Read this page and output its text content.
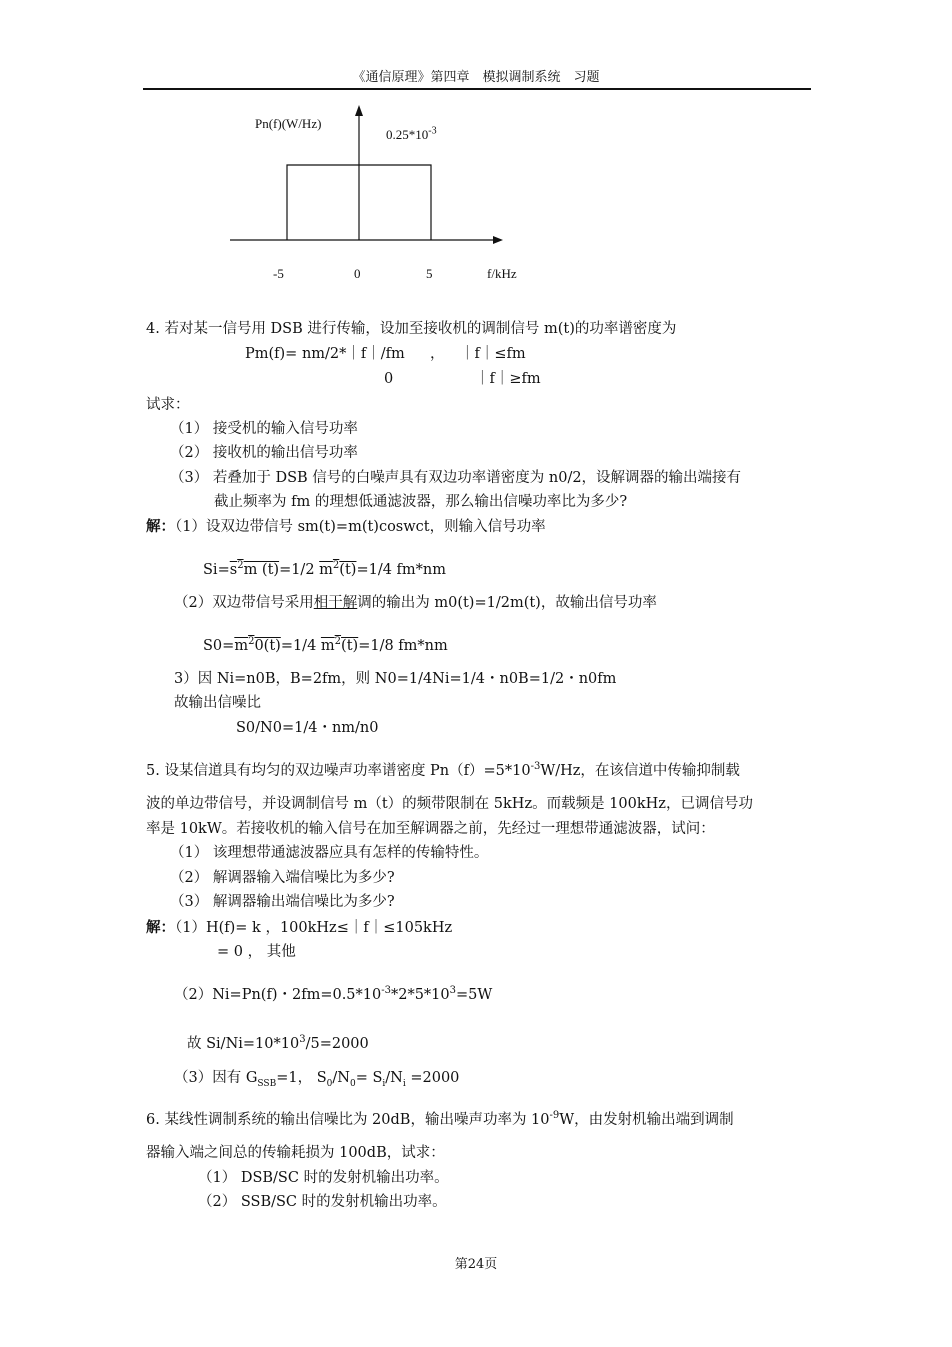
《通信原理》第四章　模拟调制系统　习题
Pn(f)(W/Hz)
$0.25*10^{-3}$
-5	0	5	f/kHz
4. 若对某一信号用 DSB 进行传输，设加至接收机的调制信号 m(t)的功率谱密度为
Pm(f)= nm/2*｜f｜/fm ， ｜f｜≤fm
0	｜f｜≥fm
试求：
（1） 接受机的输入信号功率
（2） 接收机的输出信号功率
（3） 若叠加于 DSB 信号的白噪声具有双边功率谱密度为 n0/2，设解调器的输出端接有
截止频率为 fm 的理想低通滤波器，那么输出信噪功率比为多少?
解：（1）设双边带信号 sm(t)=m(t)coswct，则输入信号功率
$Si=s^2m$ (t)=1/2 $m^2(t)=1/4$ fm*nm
（2）双边带信号采用相干解调的输出为 m0(t)=1/2m(t)，故输出信号功率
$S0=m^20(t)=1/4$ $m^2(t)=1/8$ fm*nm
3）因 Ni=n0B，B=2fm，则 N0=1/4Ni=1/4・n0B=1/2・n0fm
故输出信噪比
S0/N0=1/4・nm/n0
5. 设某信道具有均匀的双边噪声功率谱密度 $Pn(f)=5*10^{-3}W/Hz$，在该信道中传输抑制载
波的单边带信号，并设调制信号 m（t）的频带限制在 5kHz。而载频是 100kHz，已调信号功
率是 10kW。若接收机的输入信号在加至解调器之前，先经过一理想带通滤波器，试问：
（1） 该理想带通滤波器应具有怎样的传输特性。
（2） 解调器输入端信噪比为多少?
（3） 解调器输出端信噪比为多少?
解：（1）H(f)= k ，100kHz≤｜f｜≤105kHz
= 0 ， 其他
（2）Ni=Pn(f)・$2fm=0.5*10^{-3}*2*5*10^3=5W$
故 $Si/Ni=10*10^3/5=2000$
（3）因有 $G_{SSB}=1$， $S_0/N_0= S_i/N_i =2000$
6. 某线性调制系统的输出信噪比为 20dB，输出噪声功率为 $10^{-9}W$，由发射机输出端到调制
器输入端之间总的传输耗损为 100dB，试求：
（1） DSB/SC 时的发射机输出功率。
（2） SSB/SC 时的发射机输出功率。
第24页
